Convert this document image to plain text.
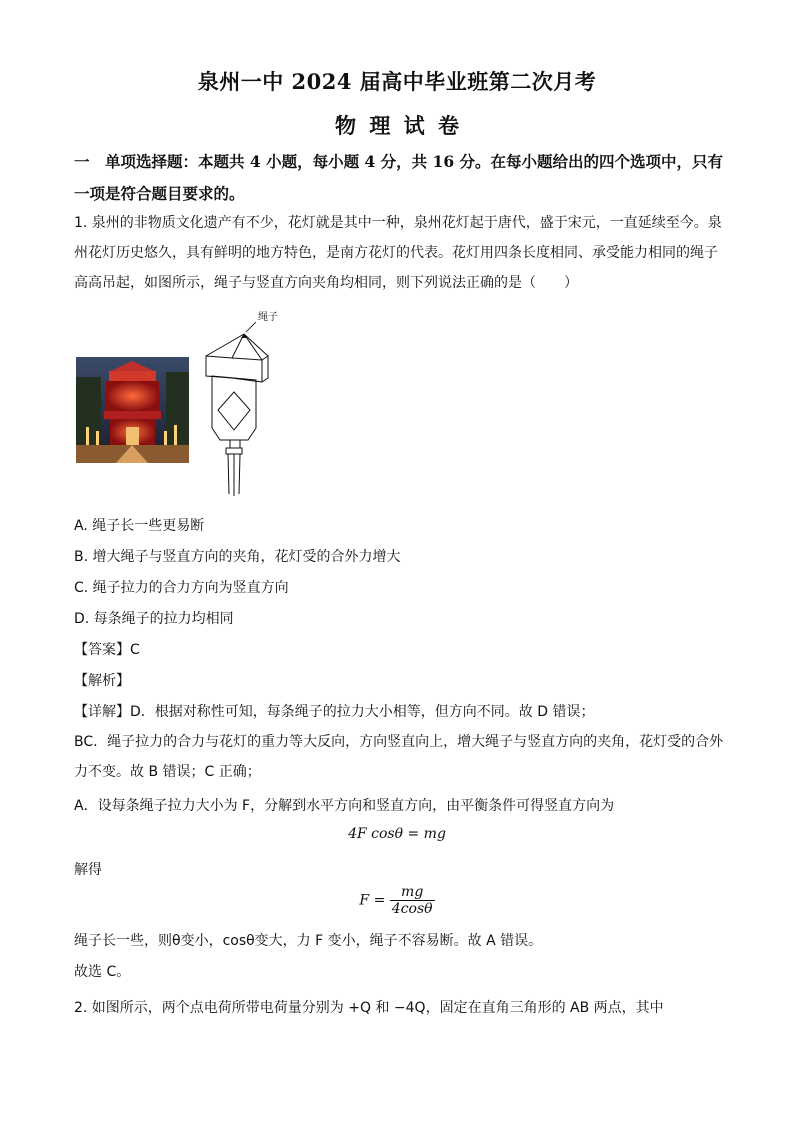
泉州一中 2024 届高中毕业班第二次月考
物 理 试 卷
一　单项选择题：本题共 4 小题，每小题 4 分，共 16 分。在每小题给出的四个选项中，只有一项是符合题目要求的。
1. 泉州的非物质文化遗产有不少，花灯就是其中一种，泉州花灯起于唐代，盛于宋元，一直延续至今。泉州花灯历史悠久，具有鲜明的地方特色，是南方花灯的代表。花灯用四条长度相同、承受能力相同的绳子高高吊起，如图所示，绳子与竖直方向夹角均相同，则下列说法正确的是（　　）
绳子
A. 绳子长一些更易断
B. 增大绳子与竖直方向的夹角，花灯受的合外力增大
C. 绳子拉力的合力方向为竖直方向
D. 每条绳子的拉力均相同
【答案】C
【解析】
【详解】D．根据对称性可知，每条绳子的拉力大小相等，但方向不同。故 D 错误；
BC．绳子拉力的合力与花灯的重力等大反向，方向竖直向上，增大绳子与竖直方向的夹角，花灯受的合外力不变。故 B 错误；C 正确；
A．设每条绳子拉力大小为 F，分解到水平方向和竖直方向，由平衡条件可得竖直方向为
4F cosθ = mg
解得
$F = \frac{mg}{4\cos\theta}$
绳子长一些，则θ变小，cosθ变大，力 F 变小，绳子不容易断。故 A 错误。
故选 C。
2. 如图所示，两个点电荷所带电荷量分别为 +Q 和 −4Q，固定在直角三角形的 AB 两点，其中
